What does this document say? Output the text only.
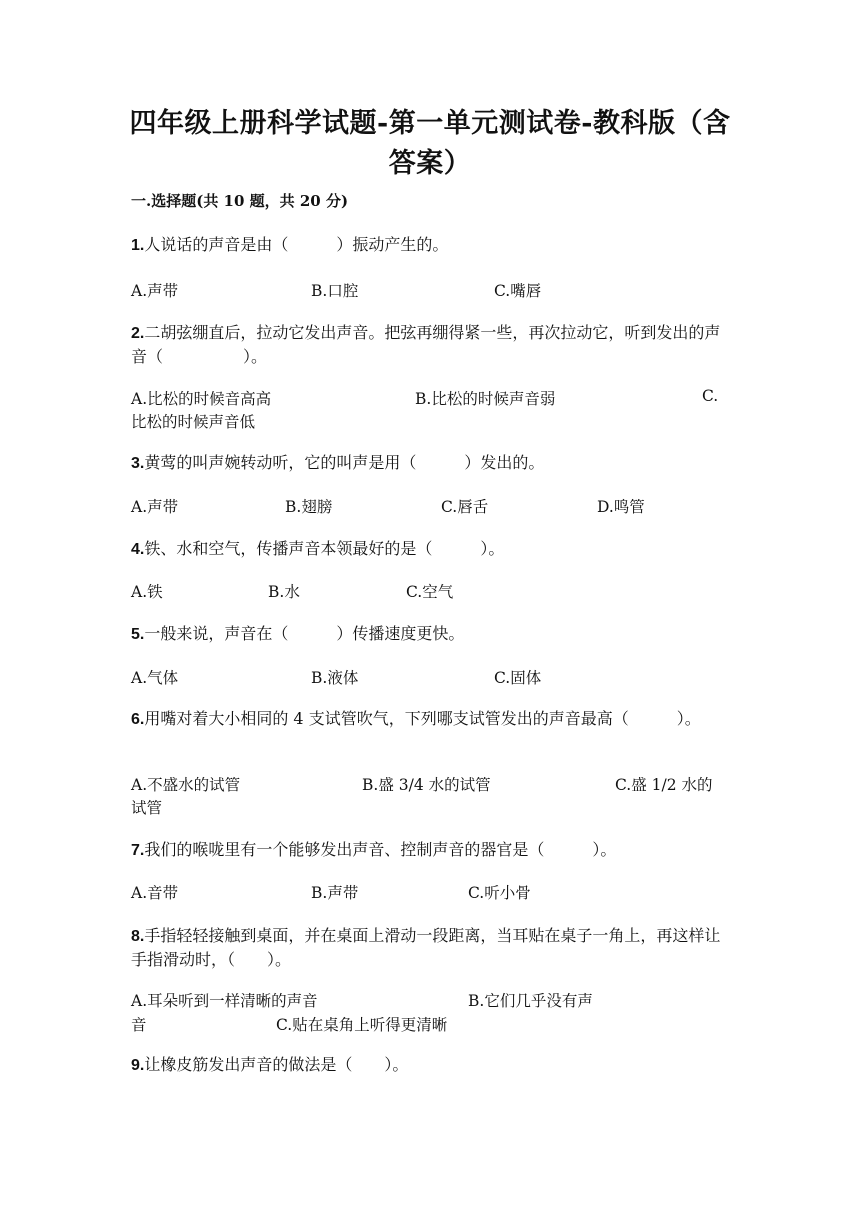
四年级上册科学试题-第一单元测试卷-教科版（含
答案）
一.选择题(共 10 题，共 20 分)
1.人说话的声音是由（　　　）振动产生的。
A.声带	B.口腔	C.嘴唇
2.二胡弦绷直后，拉动它发出声音。把弦再绷得紧一些，再次拉动它，听到发出的声音（　　　　　）。
A.比松的时候音高高	B.比松的时候声音弱	C.
比松的时候声音低
3.黄莺的叫声婉转动听，它的叫声是用（　　　）发出的。
A.声带	B.翅膀	C.唇舌	D.鸣管
4.铁、水和空气，传播声音本领最好的是（　　　）。
A.铁	B.水	C.空气
5.一般来说，声音在（　　　）传播速度更快。
A.气体	B.液体	C.固体
6.用嘴对着大小相同的 4 支试管吹气，下列哪支试管发出的声音最高（　　　）。
A.不盛水的试管	B.盛 3/4 水的试管	C.盛 1/2 水的
试管
7.我们的喉咙里有一个能够发出声音、控制声音的器官是（　　　）。
A.音带	B.声带	C.听小骨
8.手指轻轻接触到桌面，并在桌面上滑动一段距离，当耳贴在桌子一角上，再这样让手指滑动时，（　　）。
A.耳朵听到一样清晰的声音	B.它们几乎没有声
音	C.贴在桌角上听得更清晰
9.让橡皮筋发出声音的做法是（　　）。
